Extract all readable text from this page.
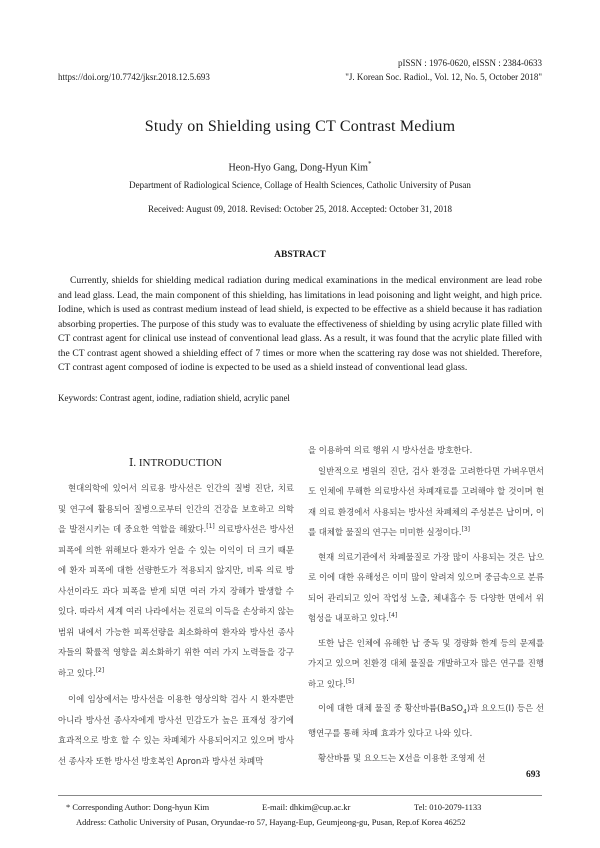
pISSN : 1976-0620, eISSN : 2384-0633
https://doi.org/10.7742/jksr.2018.12.5.693	"J. Korean Soc. Radiol., Vol. 12, No. 5, October 2018"
Study on Shielding using CT Contrast Medium
Heon-Hyo Gang, Dong-Hyun Kim*
Department of Radiological Science, Collage of Health Sciences, Catholic University of Pusan
Received: August 09, 2018. Revised: October 25, 2018. Accepted: October 31, 2018
ABSTRACT

Currently, shields for shielding medical radiation during medical examinations in the medical environment are lead robe and lead glass. Lead, the main component of this shielding, has limitations in lead poisoning and light weight, and high price. Iodine, which is used as contrast medium instead of lead shield, is expected to be effective as a shield because it has radiation absorbing properties. The purpose of this study was to evaluate the effectiveness of shielding by using acrylic plate filled with CT contrast agent for clinical use instead of conventional lead glass. As a result, it was found that the acrylic plate filled with the CT contrast agent showed a shielding effect of 7 times or more when the scattering ray dose was not shielded. Therefore, CT contrast agent composed of iodine is expected to be used as a shield instead of conventional lead glass.

Keywords: Contrast agent, iodine, radiation shield, acrylic panel
Ⅰ. INTRODUCTION

현대의학에 있어서 의료용 방사선은 인간의 질병 진단, 치료 및 연구에 활용되어 질병으로부터 인간의 건강을 보호하고 의학을 발전시키는 데 중요한 역할을 해왔다.[1] 의료방사선은 방사선 피폭에 의한 위해보다 환자가 얻을 수 있는 이익이 더 크기 때문에 환자 피폭에 대한 선량한도가 적용되지 않지만, 비록 의료 방사선이라도 과다 피폭을 받게 되면 여러 가지 장해가 발생할 수 있다. 따라서 세계 여러 나라에서는 진료의 이득을 손상하지 않는 범위 내에서 가능한 피폭선량을 최소화하여 환자와 방사선 종사자들의 확률적 영향을 최소화하기 위한 여러 가지 노력들을 강구하고 있다.[2]

이에 임상에서는 방사선을 이용한 영상의학 검사 시 환자뿐만 아니라 방사선 종사자에게 방사선 민감도가 높은 표재성 장기에 효과적으로 방호 할 수 있는 차폐체가 사용되어지고 있으며 방사선 종사자 또한 방사선 방호복인 Apron과 방사선 차폐막

을 이용하여 의료 행위 시 방사선을 방호한다.

일반적으로 병원의 진단, 검사 환경을 고려한다면 가벼우면서도 인체에 무해한 의료방사선 차폐재료를 고려해야 할 것이며 현재 의료 환경에서 사용되는 방사선 차폐체의 주성분은 납이며, 이를 대체할 물질의 연구는 미미한 실정이다.[3]

현재 의료기관에서 차폐물질로 가장 많이 사용되는 것은 납으로 이에 대한 유해성은 이미 많이 알려져 있으며 중금속으로 분류되어 관리되고 있어 작업성 노출, 체내흡수 등 다양한 면에서 위험성을 내포하고 있다.[4]

또한 납은 인체에 유해한 납 중독 및 경량화 한계 등의 문제를 가지고 있으며 친환경 대체 물질을 개발하고자 많은 연구를 진행하고 있다.[5]

이에 대한 대체 물질 중 황산바륨(BaSO$_4$)과 요오드(I) 등은 선행연구를 통해 차폐 효과가 있다고 나와 있다.

황산바륨 및 요오드는 X선을 이용한 조영제 선

693
* Corresponding Author: Dong-hyun Kim	E-mail: dhkim@cup.ac.kr	Tel: 010-2079-1133
Address: Catholic University of Pusan, Oryundae-ro 57, Hayang-Eup, Geumjeong-gu, Pusan, Rep.of Korea 46252
